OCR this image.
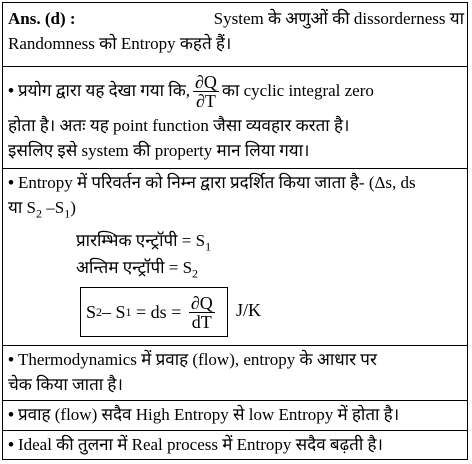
Ans. (d) :	System के अणुओं की dissorderness या
Randomness को Entropy कहते हैं।
• प्रयोग द्वारा यह देखा गया कि, $\frac{\partial Q}{\partial T}$ का cyclic integral zero
होता है। अतः यह point function जैसा व्यवहार करता है।
इसलिए इसे system की property मान लिया गया।
• Entropy में परिवर्तन को निम्न द्वारा प्रदर्शित किया जाता है- (Δs, ds
या $S_2$ $-S_1$)
प्रारम्भिक एन्ट्रॉपी = $S_1$
अन्तिम एन्ट्रॉपी = $S_2$
S 2 – S 1 = ds = $\frac{\partial Q}{dT} J/K$
• Thermodynamics में प्रवाह (flow), entropy के आधार पर
चेक किया जाता है।
• प्रवाह (flow) सदैव High Entropy से low Entropy में होता है।
• Ideal की तुलना में Real process में Entropy सदैव बढ़ती है।
